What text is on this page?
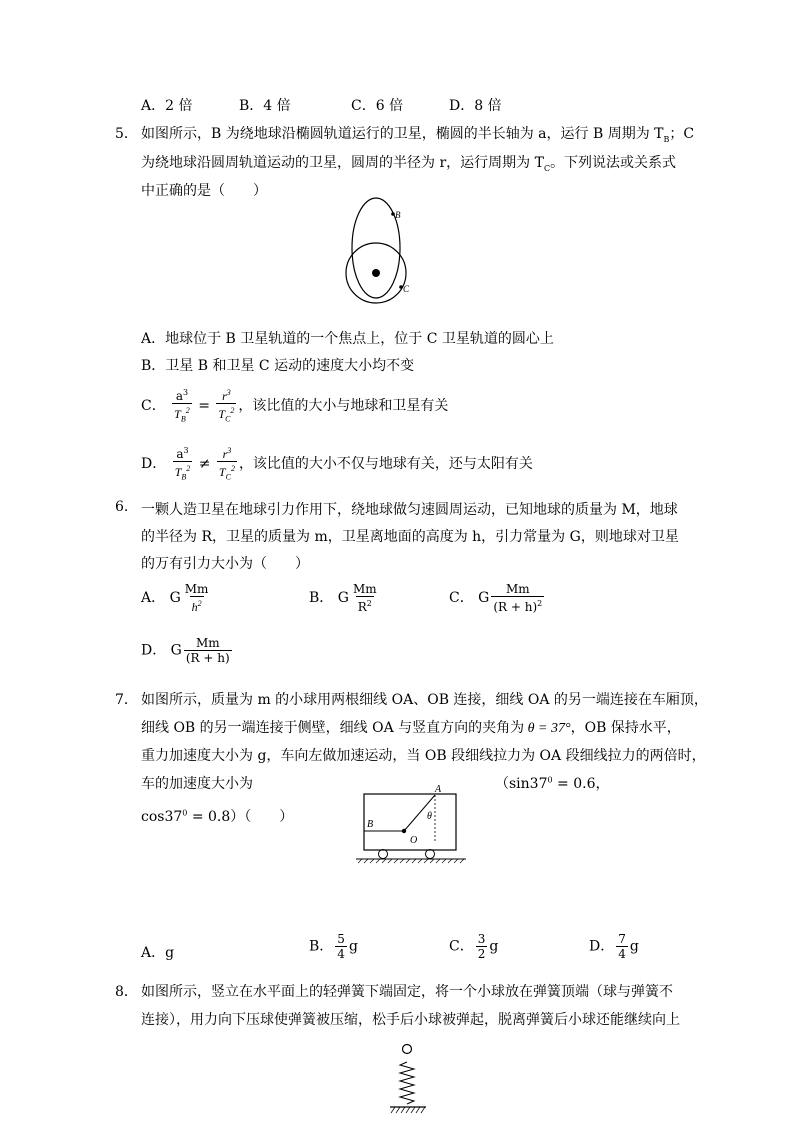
A．2 倍	B．4 倍	C．6 倍	D．8 倍
5． 如图所示，B 为绕地球沿椭圆轨道运行的卫星，椭圆的半长轴为 a，运行 B 周期为 $T_B$；C
为绕地球沿圆周轨道运动的卫星，圆周的半径为 r，运行周期为 $T_C$。下列说法或关系式
中正确的是（　　）
B
C
A．地球位于 B 卫星轨道的一个焦点上，位于 C 卫星轨道的圆心上
B．卫星 B 和卫星 C 运动的速度大小均不变
C． $\frac{a^3}{T_B^2} = \frac{r^3}{T_C^2}$ ，该比值的大小与地球和卫星有关
D． $\frac{a^3}{T_B^2} \ne \frac{r^3}{T_C^2}$ ，该比值的大小不仅与地球有关，还与太阳有关
6. 一颗人造卫星在地球引力作用下，绕地球做匀速圆周运动，已知地球的质量为 M，地球
的半径为 R，卫星的质量为 m，卫星离地面的高度为 h，引力常量为 G，则地球对卫星
的万有引力大小为（　　）
A． G $\frac{Mm}{h^2}$	B． G $\frac{Mm}{R^2}$	C． G $\frac{Mm}{(R + h)^2}$
D． G $\frac{Mm}{(R + h)}$
7． 如图所示，质量为 m 的小球用两根细线 OA、OB 连接，细线 OA 的另一端连接在车厢顶，
细线 OB 的另一端连接于侧壁，细线 OA 与竖直方向的夹角为 θ = 37°，OB 保持水平，
重力加速度大小为 g，车向左做加速运动，当 OB 段细线拉力为 OA 段细线拉力的两倍时，
车的加速度大小为	（$\sin 37^0 = 0.6$，
$\cos 37^0 = 0.8$）（　　）
A
B
O
θ
A．g	B． $\frac{5}{4}$ g	C． $\frac{3}{2}$ g	D． $\frac{7}{4}$ g
8． 如图所示，竖立在水平面上的轻弹簧下端固定，将一个小球放在弹簧顶端（球与弹簧不
连接），用力向下压球使弹簧被压缩，松手后小球被弹起，脱离弹簧后小球还能继续向上
